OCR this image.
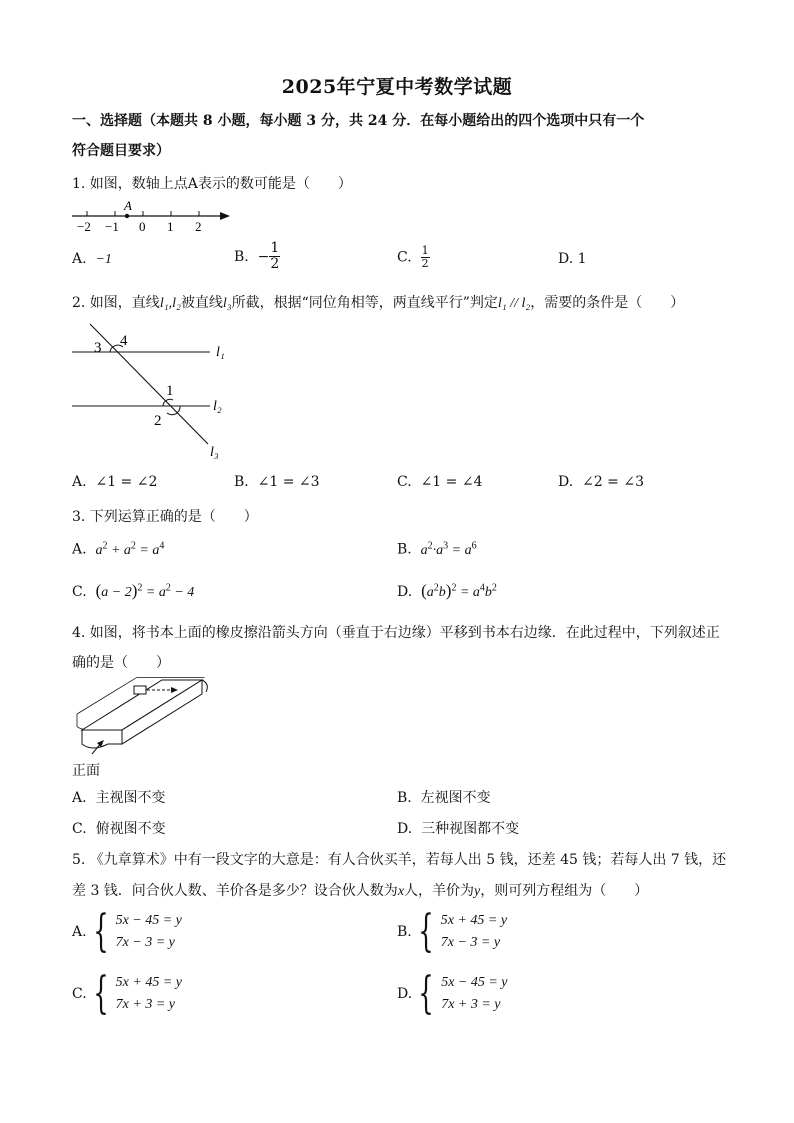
2025年宁夏中考数学试题
一、选择题（本题共 8 小题，每小题 3 分，共 24 分．在每小题给出的四个选项中只有一个
符合题目要求）
1. 如图，数轴上点A表示的数可能是（　　）
A
−2 −1 0 1 2
A. −1	B. − $\frac{1}{2}$	C. $\frac{1}{2}$	D. 1
2. 如图，直线l₁,l₂被直线l₃所截，根据“同位角相等，两直线平行”判定l₁ // l₂，需要的条件是（　　）
3 4
1
2
l₁
l₂
l₃
A. ∠1 = ∠2	B. ∠1 = ∠3	C. ∠1 = ∠4	D. ∠2 = ∠3
3. 下列运算正确的是（　　）
A. $a^2 + a^2 = a^4$	B. $a^2\cdot a^3 = a^6$
C. $(a - 2)^2 = a^2 - 4$	D. $(a^2b)^2 = a^4b^2$
4. 如图，将书本上面的橡皮擦沿箭头方向（垂直于右边缘）平移到书本右边缘．在此过程中，下列叙述正
确的是（　　）
正面
A. 主视图不变	B. 左视图不变
C. 俯视图不变	D. 三种视图都不变
5. 《九章算术》中有一段文字的大意是：有人合伙买羊，若每人出 5 钱，还差 45 钱；若每人出 7 钱，还
差 3 钱．问合伙人数、羊价各是多少？设合伙人数为x人，羊价为y，则可列方程组为（　　）
A. { 5x − 45 = y
7x − 3 = y
B. { 5x + 45 = y
7x − 3 = y
C. { 5x + 45 = y
7x + 3 = y
D. { 5x − 45 = y
7x + 3 = y
